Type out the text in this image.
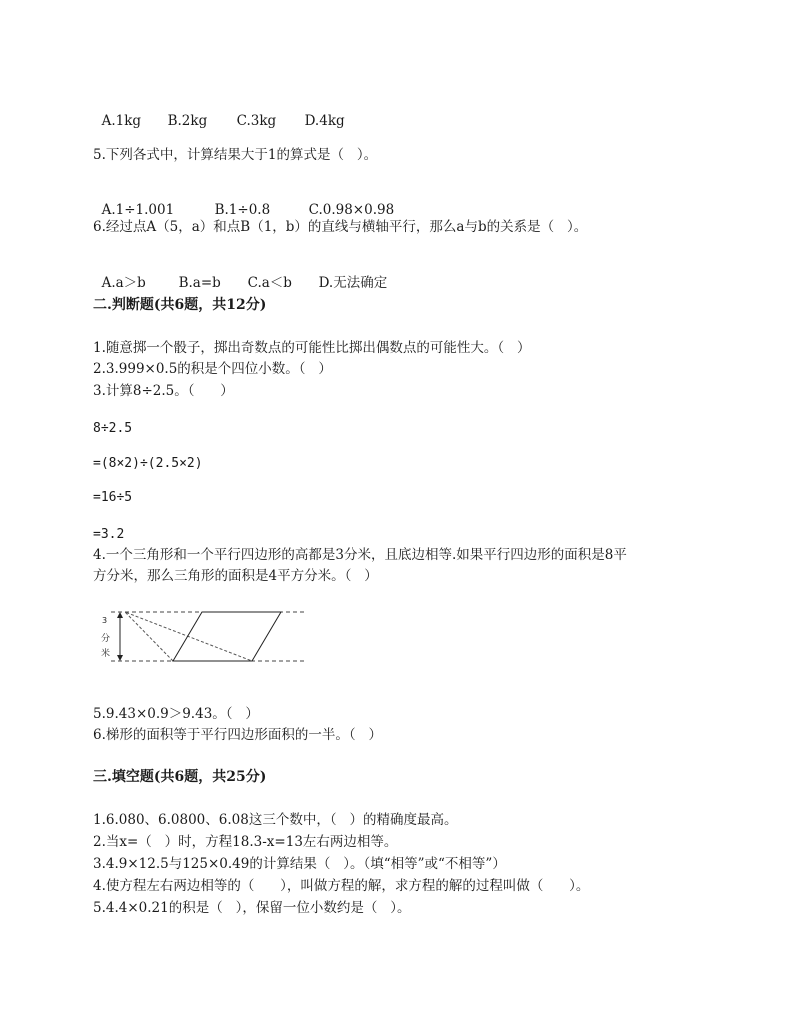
A.1kg B.2kg C.3kg D.4kg

5.下列各式中，计算结果大于1的算式是（   ）。

A.1÷1.001	B.1÷0.8	C.0.98×0.98

6.经过点A（5，a）和点B（1，b）的直线与横轴平行，那么a与b的关系是（   ）。

A.a＞b B.a=b C.a＜b D.无法确定

二.判断题(共6题，共12分)
1.随意掷一个骰子，掷出奇数点的可能性比掷出偶数点的可能性大。（   ）
2.3.999×0.5的积是个四位小数。（   ）
3.计算8÷2.5。（      ）
8÷2.5
=(8×2)÷(2.5×2)
=16÷5
=3.2
4.一个三角形和一个平行四边形的高都是3分米，且底边相等.如果平行四边形的面积是8平
方分米，那么三角形的面积是4平方分米。（   ）
3
分
米
5.9.43×0.9＞9.43。（   ）
6.梯形的面积等于平行四边形面积的一半。（   ）
三.填空题(共6题，共25分)
1.6.080、6.0800、6.08这三个数中，（   ）的精确度最高。
2.当x=（   ）时，方程18.3-x=13左右两边相等。
3.4.9×12.5与125×0.49的计算结果（   ）。（填“相等”或“不相等”）
4.使方程左右两边相等的（      ），叫做方程的解，求方程的解的过程叫做（      ）。
5.4.4×0.21的积是（   ），保留一位小数约是（   ）。
